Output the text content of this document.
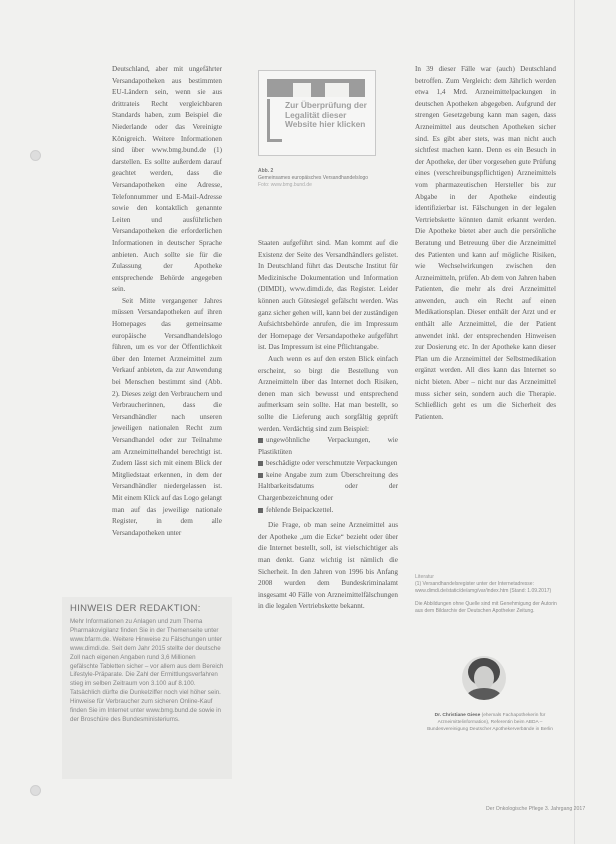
Deutschland, aber mit ungefährter Versandapotheken aus bestimmten EU-Ländern sein, wenn sie aus drittrateis Recht vergleichbaren Standards haben, zum Beispiel die Niederlande oder das Vereinigte Königreich. Weitere Informationen sind über www.bmg.bund.de (1) darstellen. Es sollte außerdem darauf geachtet werden, dass die Versandapotheken eine Adresse, Telefonnummer und E-Mail-Adresse sowie den kontaktlich genannte Leiten und ausführlichen Versandapotheken die erforderlichen Informationen in deutscher Sprache anbieten. Auch sollte sie für die Zulassung der Apotheke entsprechende Behörde angegeben sein.

Seit Mitte vergangener Jahres müssen Versandapotheken auf ihren Homepages das gemeinsame europäische Versandhandelslogo führen, um es vor der Öffentlichkeit über den Internet Arzneimittel zum Verkauf anbieten, da zur Anwendung bei Menschen bestimmt sind (Abb. 2). Dieses zeigt den Verbrauchern und Verbraucherinnen, dass die Versandhändler nach unseren jeweiligen nationalen Recht zum Versandhandel oder zur Teilnahme am Arzneimittelhandel berechtigt ist. Zudem lässt sich mit einem Blick der Mitgliedstaat erkennen, in dem der Versandhändler niedergelassen ist. Mit einem Klick auf das Logo gelangt man auf das jeweilige nationale Register, in dem alle Versandapotheken unter

Zur Überprüfung der Legalität dieser Website hier klicken
Abb. 2
Gemeinsames europäisches Versandhandelslogo
Foto: www.bmg.bund.de

Staaten aufgeführt sind. Man kommt auf die Existenz der Seite des Versandhändlers gelistet. In Deutschland führt das Deutsche Institut für Medizinische Dokumentation und Information (DIMDI), www.dimdi.de, das Register. Leider können auch Gütesiegel gefälscht werden. Was ganz sicher gehen will, kann bei der zuständigen Aufsichtsbehörde anrufen, die im Impressum der Homepage der Versandapotheke aufgeführt ist. Das Impressum ist eine Pflichtangabe.

Auch wenn es auf den ersten Blick einfach erscheint, so birgt die Bestellung von Arzneimitteln über das Internet doch Risiken, denen man sich bewusst und entsprechend aufmerksam sein sollte. Hat man bestellt, so sollte die Lieferung auch sorgfältig geprüft werden. Verdächtig sind zum Beispiel:

ungewöhnliche Verpackungen, wie Plastiktüten
beschädigte oder verschmutzte Verpackungen
keine Angabe zum zum Überschreitung des Haltbarkeitsdatums oder der Chargenbezeichnung oder
fehlende Beipackzettel.

Die Frage, ob man seine Arzneimittel aus der Apotheke „um die Ecke“ bezieht oder über die Internet bestellt, soll, ist vielschichtiger als man denkt. Ganz wichtig ist nämlich die Sicherheit. In den Jahren von 1996 bis Anfang 2008 wurden dem Bundeskriminalamt insgesamt 40 Fälle von Arzneimittelfälschungen in die legalen Vertriebskette bekannt.

In 39 dieser Fälle war (auch) Deutschland betroffen. Zum Vergleich: dem Jährlich werden etwa 1,4 Mrd. Arzneimittelpackungen in deutschen Apotheken abgegeben. Aufgrund der strengen Gesetzgebung kann man sagen, dass Arzneimittel aus deutschen Apotheken sicher sind. Es gibt aber stets, was man nicht auch sichtfest machen kann. Denn es ein Besuch in der Apotheke, der über vorgesehen gute Prüfung eines (verschreibungspflichtigen) Arzneimittels vom pharmazeutischen Hersteller bis zur Abgabe in der Apotheke eindeutig identifizierbar ist. Fälschungen in der legalen Vertriebskette könnten damit erkannt werden. Die Apotheke bietet aber auch die persönliche Beratung und Betreuung über die Arzneimittel des Patienten und kann auf mögliche Risiken, wie Wechselwirkungen zwischen den Arzneimitteln, prüfen. Ab dem von Jahren haben Patienten, die mehr als drei Arzneimittel anwenden, auch ein Recht auf einen Medikationsplan. Dieser enthält der Arzt und er enthält alle Arzneimittel, die der Patient anwendet inkl. der entsprechenden Hinweisen zur Dosierung etc. In der Apotheke kann dieser Plan um die Arzneimittel der Selbstmedikation ergänzt werden. All dies kann das Internet so nicht bieten. Aber – nicht nur das Arzneimittel muss sicher sein, sondern auch die Therapie. Schließlich geht es um die Sicherheit des Patienten.

HINWEIS DER REDAKTION:
Mehr Informationen zu Anlagen und zum Thema Pharmakovigilanz finden Sie in der Themenseite unter www.bfarm.de. Weitere Hinweise zu Fälschungen unter www.dimdi.de. Seit dem Jahr 2015 stellte der deutsche Zoll nach eigenen Angaben rund 3,6 Millionen gefälschte Tabletten sicher – vor allem aus dem Bereich Lifestyle-Präparate. Die Zahl der Ermittlungsverfahren stieg im selben Zeitraum von 3.100 auf 8.100. Tatsächlich dürfte die Dunkelziffer noch viel höher sein. Hinweise für Verbraucher zum sicheren Online-Kauf finden Sie im Internet unter www.bmg.bund.de sowie in der Broschüre des Bundesministeriums.
Literatur
(1) Versandhandelsregister unter der Internetadresse: www.dimdi.de/static/de/amg/var/index.htm (Stand: 1.09.2017)
Die Abbildungen ohne Quelle sind mit Genehmigung der Autorin aus dem Bildarchiv der Deutschen Apotheker Zeitung.
Dr. Christiane Giese (ehemals Fachapothekerin für Arzneimittelinformation), Referentin beim ABDA – Bundesvereinigung Deutscher Apothekerverbände in Berlin
Der Onkologische Pflege 3. Jahrgang 2017
